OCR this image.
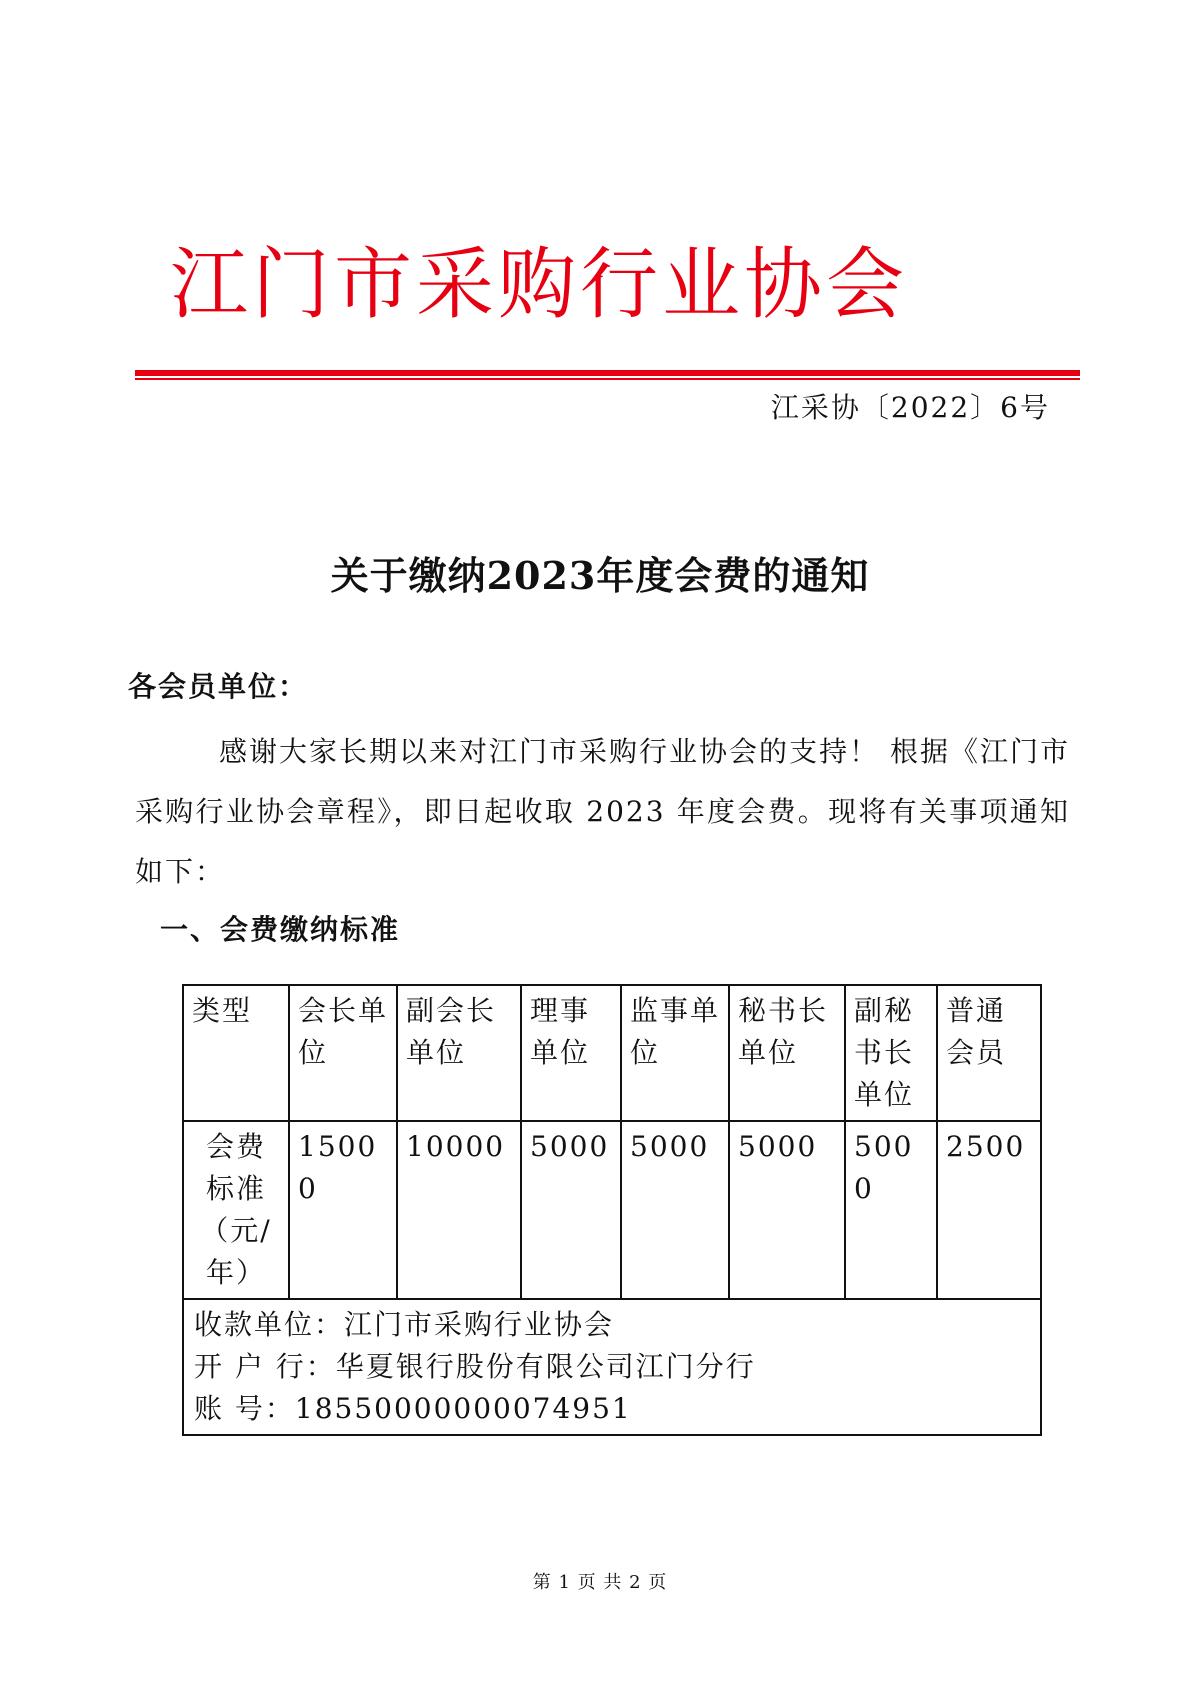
江门市采购行业协会
江采协〔2022〕6号
关于缴纳2023年度会费的通知
各会员单位：
感谢大家长期以来对江门市采购行业协会的支持！ 根据《江门市采购行业协会章程》，即日起收取 2023 年度会费。现将有关事项通知如下：
一、会费缴纳标准
类型	会长单位	副会长单位	理事单位	监事单位	秘书长单位	副秘书长单位	普通会员
会费标准（元/年）	15000	10000	5000	5000	5000	5000	2500

收款单位：江门市采购行业协会
开 户 行：华夏银行股份有限公司江门分行
账 号：18550000000074951							
第 1 页 共 2 页
